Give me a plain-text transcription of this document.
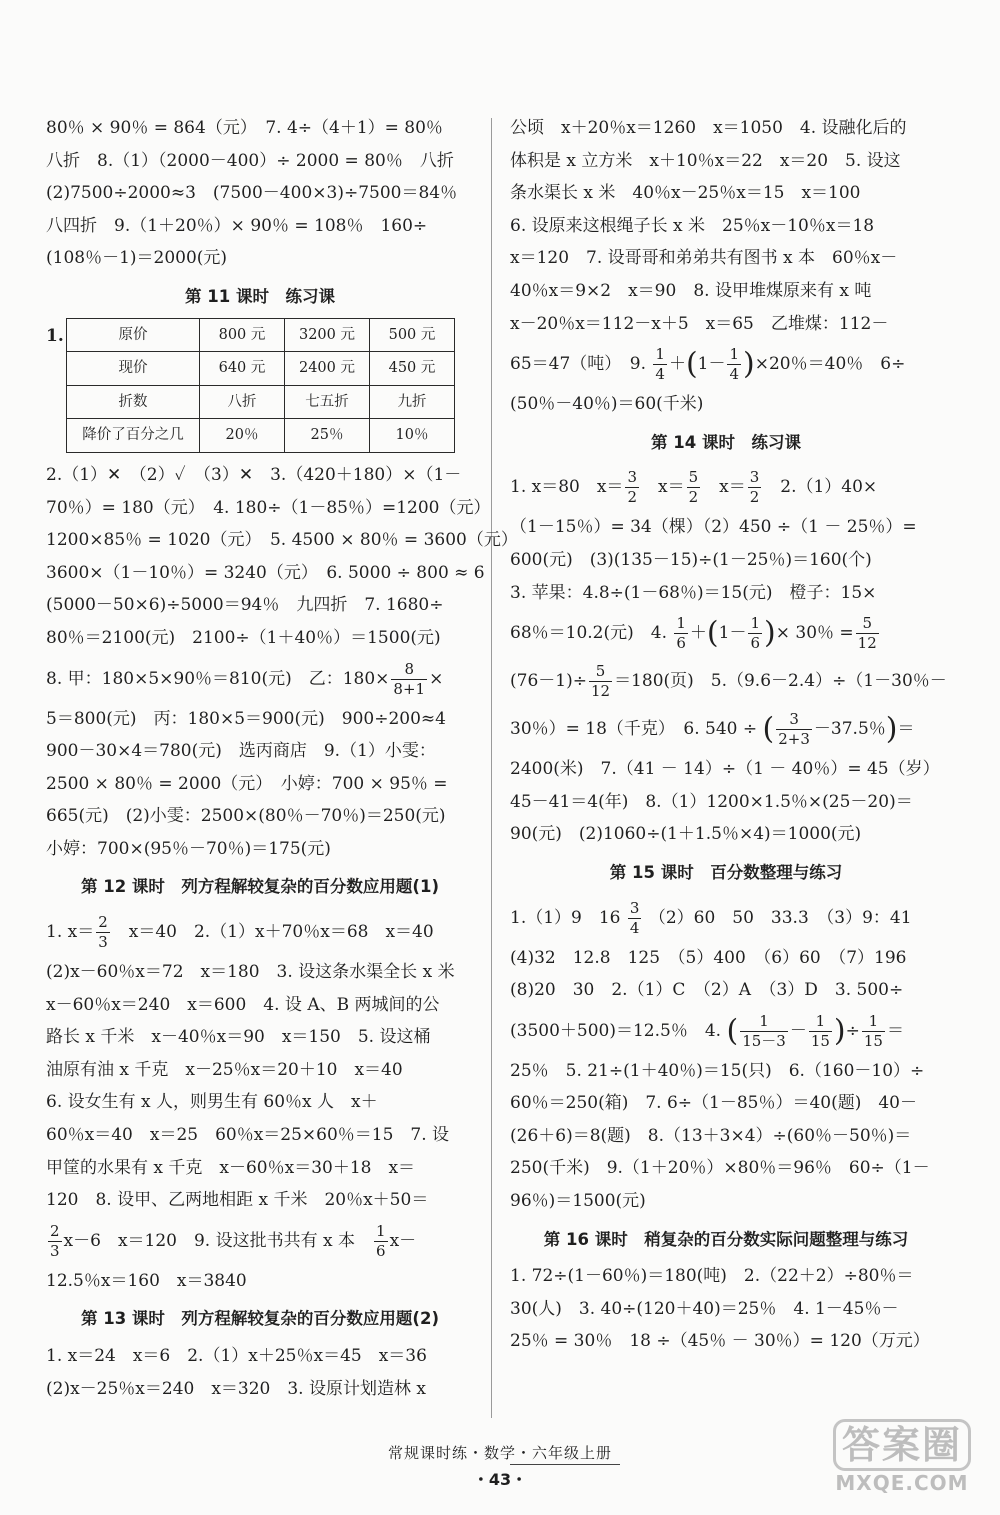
80％ × 90％ = 864（元）　7. 4÷（4＋1）= 80％
八折　8.（1）（2000－400）÷ 2000 = 80％　八折
(2)7500÷2000≈3　(7500－400×3)÷7500＝84％
八四折　9.（1＋20％）× 90％ = 108％　160÷
(108％－1)＝2000(元)
第 11 课时　练习课
1.	原价	800 元	3200 元	500 元
现价	640 元	2400 元	450 元
折数	八折	七五折	九折
降价了百分之几	20％	25％	10％
2.（1）✕　（2）✓　（3）✕　3.（420＋180）×（1－
70％）= 180（元）　4. 180÷（1－85％）=1200（元）
1200×85％ = 1020（元）　5. 4500 × 80％ = 3600（元）
3600×（1－10％）= 3240（元）　6. 5000 ÷ 800 ≈ 6
(5000－50×6)÷5000＝94％　九四折　7. 1680÷
80％＝2100(元)　2100÷（1＋40％）＝1500(元)
8. 甲：180×5×90％＝810(元)　乙：$180\times \frac{8}{8+1}$ ×
5＝800(元)　丙：180×5＝900(元)　900÷200≈4
900－30×4＝780(元)　选丙商店　9.（1）小雯：
2500 × 80％ = 2000（元）　小婷：700 × 95％ =
665(元)　(2)小雯：2500×(80％－70％)＝250(元)
小婷：700×(95％－70％)＝175(元)
第 12 课时　列方程解较复杂的百分数应用题(1)
1. $x= \frac{2}{3}$ 　x＝40　2.（1）x＋70％x＝68　x＝40
(2)x－60％x＝72　x＝180　3. 设这条水渠全长 x 米
x－60％x＝240　x＝600　4. 设 A、B 两城间的公
路长 x 千米　x－40％x＝90　x＝150　5. 设这桶
油原有油 x 千克　x－25％x＝20＋10　x＝40
6. 设女生有 x 人，则男生有 60％x 人　x＋
60％x＝40　x＝25　60％x＝25×60％＝15　7. 设
甲筐的水果有 x 千克　x－60％x＝30＋18　x＝
120　8. 设甲、乙两地相距 x 千米　20％x＋50＝
$\frac{2}{3} x-6$　x＝120　9. 设这批书共有 x 本　 $\frac{1}{6} x-$
12.5％x＝160　x＝3840
第 13 课时　列方程解较复杂的百分数应用题(2)
1. x＝24　x＝6　2.（1）x＋25％x＝45　x＝36
(2)x－25％x＝240　x＝320　3. 设原计划造林 x
公顷　x＋20％x＝1260　x＝1050　4. 设融化后的
体积是 x 立方米　x＋10％x＝22　x＝20　5. 设这
条水渠长 x 米　40％x－25％x＝15　x＝100
6. 设原来这根绳子长 x 米　25％x－10％x＝18
x＝120　7. 设哥哥和弟弟共有图书 x 本　60％x－
40％x＝9×2　x＝90　8. 设甲堆煤原来有 x 吨
x－20％x＝112－x＋5　x＝65　乙堆煤：112－
65＝47（吨）　9. $\frac{1}{4} +(1- \frac{1}{4} )\times 20$％＝40％　6÷
(50％－40％)＝60(千米)
第 14 课时　练习课
1. x＝80　$x= \frac{3}{2}$ 　$x= \frac{5}{2}$ 　$x= \frac{3}{2}$ 　2.（1）40×
（1－15％）= 34（棵）（2）450 ÷（1 － 25％）=
600(元)　(3)(135－15)÷(1－25％)＝160(个)
3. 苹果：4.8÷(1－68％)＝15(元)　橙子：15×
68％＝10.2(元)　4. $\frac{1}{6} +(1- \frac{1}{6}$ )× 30％ = $\frac{5}{12}$
$(76-1)\div \frac{5}{12} =180$(页)　5.（9.6－2.4）÷（1－30％－
30％）= 18（千克）　6. 540 ÷ ( $\frac{3}{2+3} -37.5$％)＝
2400(米)　7.（41 － 14）÷（1 － 40％）= 45（岁）
45－41＝4(年)　8.（1）1200×1.5％×(25－20)＝
90(元)　(2)1060÷(1＋1.5％×4)＝1000(元)
第 15 课时　百分数整理与练习
1.（1）9　$16 \frac{3}{4} (2)60$　50　33.3　（3）9：41
(4)32　12.8　125　（5）400　（6）60　（7）196
(8)20　30　2.（1）C　（2）A　（3）D　3. 500÷
(3500＋500)＝12.5％　4. ( $\frac{1}{15-3} - \frac{1}{15}$ )÷ $\frac{1}{15}$ ＝
25％　5. 21÷(1＋40％)＝15(只)　6.（160－10）÷
60％＝250(箱)　7. 6÷（1－85％）＝40(题)　40－
(26＋6)＝8(题)　8.（13＋3×4）÷(60％－50％)＝
250(千米)　9.（1＋20％）×80％＝96％　60÷（1－
96％)＝1500(元)
第 16 课时　稍复杂的百分数实际问题整理与练习
1. 72÷(1－60％)＝180(吨)　2.（22＋2）÷80％＝
30(人)　3. 40÷(120＋40)＝25％　4. 1－45％－
25％ = 30％　18 ÷（45％ － 30％）= 120（万元）
常规课时练・数学・六年级上册
・43・
答案圈
MXQE.COM
